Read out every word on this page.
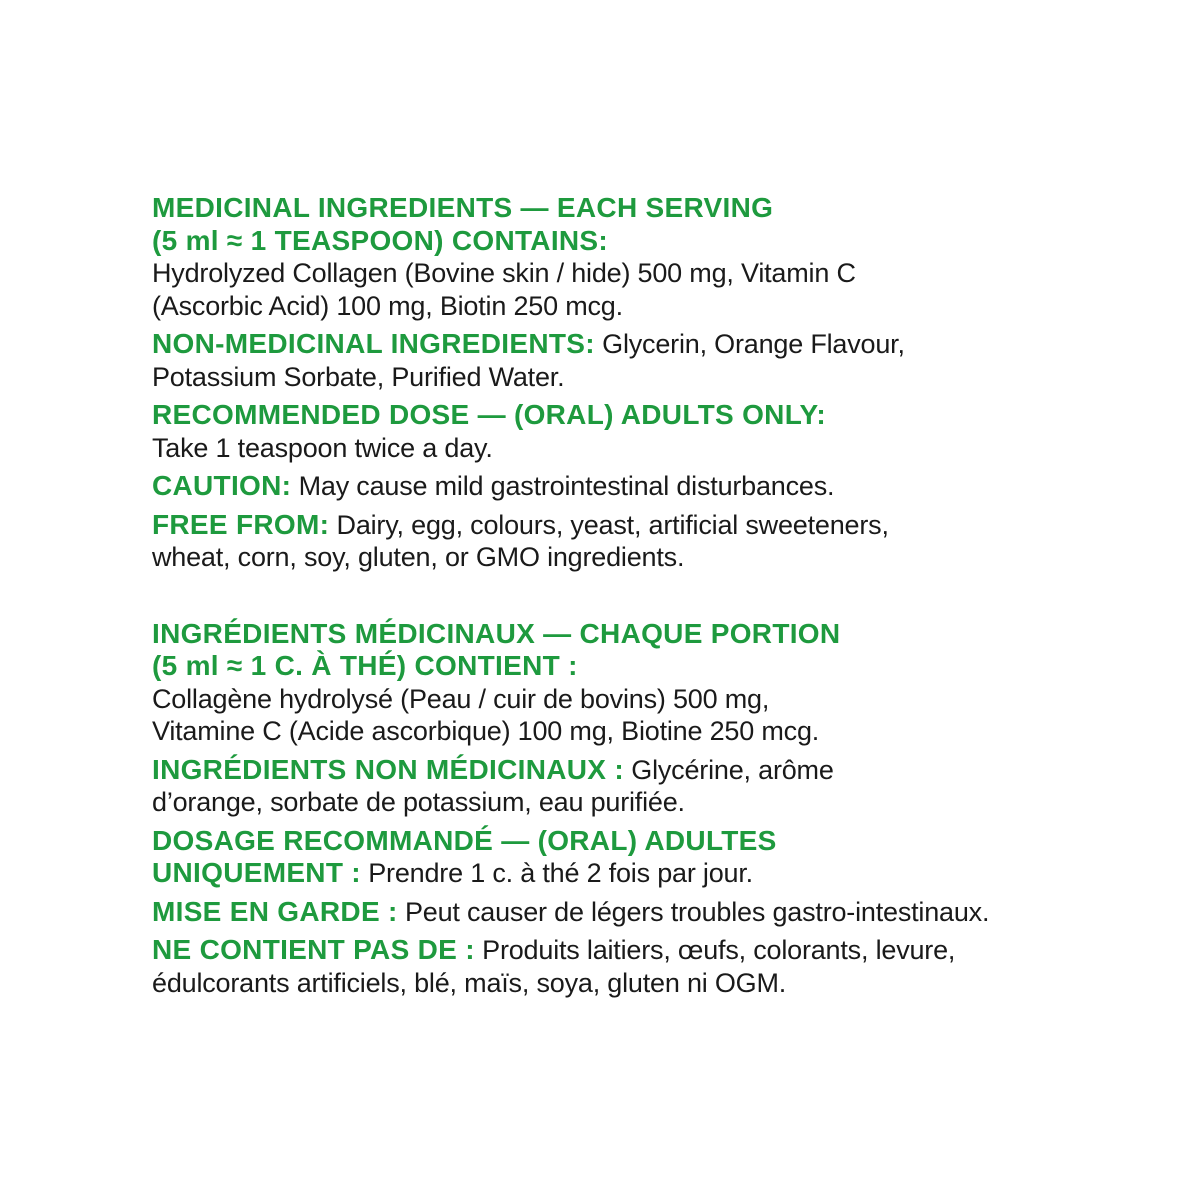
MEDICINAL INGREDIENTS — EACH SERVING
(5 ml ≈ 1 TEASPOON) CONTAINS:
Hydrolyzed Collagen (Bovine skin / hide) 500 mg, Vitamin C
(Ascorbic Acid) 100 mg, Biotin 250 mcg.
NON-MEDICINAL INGREDIENTS: Glycerin, Orange Flavour,
Potassium Sorbate, Purified Water.
RECOMMENDED DOSE — (ORAL) ADULTS ONLY:
Take 1 teaspoon twice a day.
CAUTION: May cause mild gastrointestinal disturbances.
FREE FROM: Dairy, egg, colours, yeast, artificial sweeteners,
wheat, corn, soy, gluten, or GMO ingredients.
INGRÉDIENTS MÉDICINAUX — CHAQUE PORTION
(5 ml ≈ 1 C. À THÉ) CONTIENT :
Collagène hydrolysé (Peau / cuir de bovins) 500 mg,
Vitamine C (Acide ascorbique) 100 mg, Biotine 250 mcg.
INGRÉDIENTS NON MÉDICINAUX : Glycérine, arôme
d’orange, sorbate de potassium, eau purifiée.
DOSAGE RECOMMANDÉ — (ORAL) ADULTES
UNIQUEMENT : Prendre 1 c. à thé 2 fois par jour.
MISE EN GARDE : Peut causer de légers troubles gastro-intestinaux.
NE CONTIENT PAS DE : Produits laitiers, œufs, colorants, levure,
édulcorants artificiels, blé, maïs, soya, gluten ni OGM.
